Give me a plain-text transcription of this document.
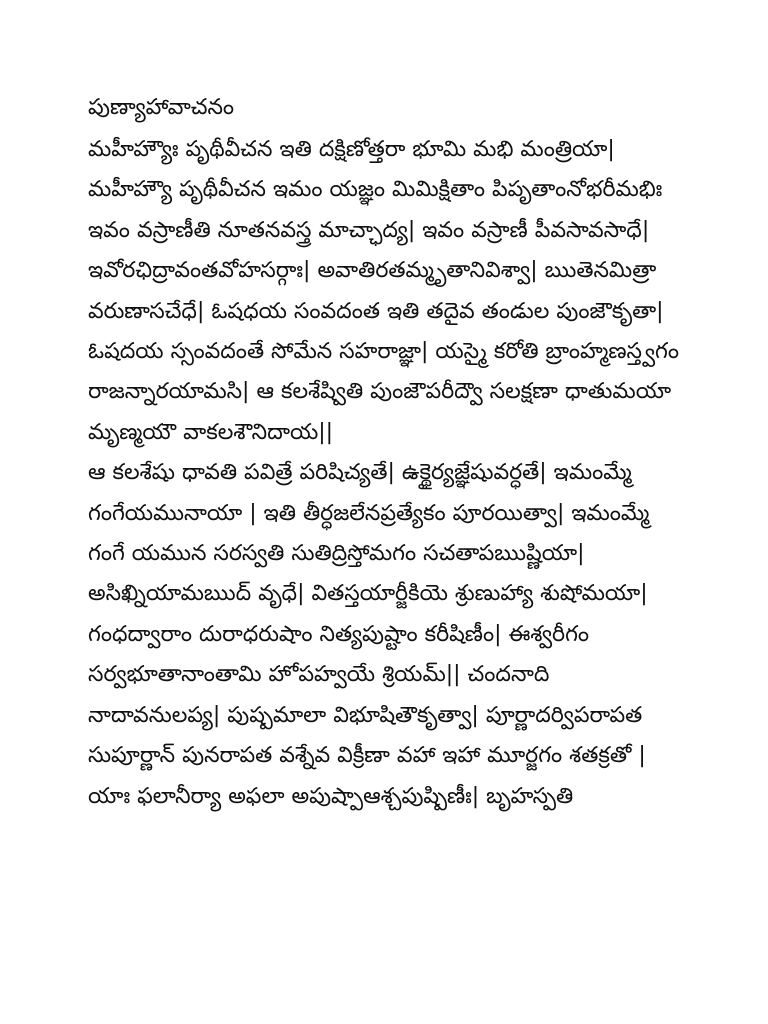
పుణ్యాహావాచనం
మహీహ్యౌః పృథీవీచన ఇతి దక్షిణోత్తరా భూమి మభి మంత్రియా|
మహీహ్యౌ పృథీవీచన ఇమం యజ్ఞం మిమిక్షితాం పిపృతాంనోభరీమభిః
ఇవం వస్రాణీతి నూతనవస్త్ర మాచ్ఛాద్య| ఇవం వస్రాణీ పీవసావసాధే|
ఇవోరఛిద్రావంతవోహసర్గాః| అవాతిరతమ్మృతానివిశ్వా| ఋతెనమిత్రా
వరుణాసచేధే| ఓషధయ సంవదంత ఇతి తదైవ తండుల పుంజౌకృతా|
ఓషదయ స్సంవదంతే సోమేన సహరాజ్ఞా| యస్మై కరోతి బ్రాంహ్మణస్త్వగం
రాజన్నారయామసి| ఆ కలశేష్వితి పుంజౌపరీద్వౌ సలక్షణా ధాతుమయా
మృణ్మయౌ వాకలశౌనిదాయ||
ఆ కలశేషు ధావతి పవిత్రే పరిషిచ్యతే| ఉక్థైర్యజ్ఞేషువర్ధతే| ఇమంమ్మే
గంగేయమునాయా | ఇతి తీర్ధజలేనప్రత్యేకం పూరయిత్వా| ఇమంమ్మే
గంగే యమున సరస్వతి సుతిద్రిస్తోమగం సచతాపఋష్ణియా|
అసిఖ్నియామఋద్ వృధే| వితస్తయార్జీకియె శ్రుణుహ్యా శుషోమయా|
గంధద్వారాం దురాధరుషాం నిత్యపుష్టాం కరీషిణీం| ఈశ్వరీగం
సర్వభూతానాంతామి హోపహ్వయే శ్రియమ్|| చందనాది
నాదావనులప్య| పుష్పమాలా విభూషితౌకృత్వా| పూర్ణాదర్విపరాపత
సుపూర్ణాన్ పునరాపత వశ్నేవ విక్రీణా వహా ఇహా మూర్జగం శతక్రతో |
యాః ఫలానీర్యా అఫలా అపుష్పాఆశ్చపుష్పిణీః| బృహస్పతి
